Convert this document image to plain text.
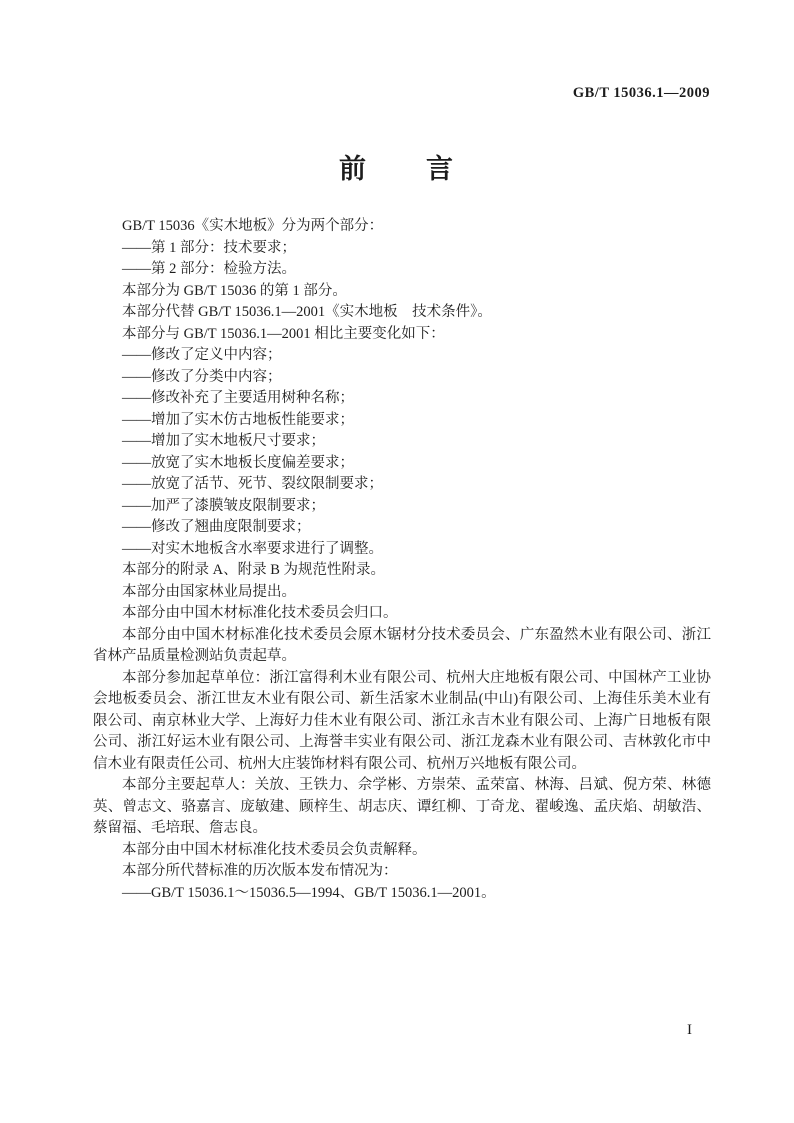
GB/T 15036.1—2009
前　　言

GB/T 15036《实木地板》分为两个部分：

——第 1 部分：技术要求；

——第 2 部分：检验方法。

本部分为 GB/T 15036 的第 1 部分。

本部分代替 GB/T 15036.1—2001《实木地板　技术条件》。

本部分与 GB/T 15036.1—2001 相比主要变化如下：

——修改了定义中内容；

——修改了分类中内容；

——修改补充了主要适用树种名称；

——增加了实木仿古地板性能要求；

——增加了实木地板尺寸要求；

——放宽了实木地板长度偏差要求；

——放宽了活节、死节、裂纹限制要求；

——加严了漆膜皱皮限制要求；

——修改了翘曲度限制要求；

——对实木地板含水率要求进行了调整。

本部分的附录 A、附录 B 为规范性附录。

本部分由国家林业局提出。

本部分由中国木材标准化技术委员会归口。

本部分由中国木材标准化技术委员会原木锯材分技术委员会、广东盈然木业有限公司、浙江省林产品质量检测站负责起草。

本部分参加起草单位：浙江富得利木业有限公司、杭州大庄地板有限公司、中国林产工业协会地板委员会、浙江世友木业有限公司、新生活家木业制品(中山)有限公司、上海佳乐美木业有限公司、南京林业大学、上海好力佳木业有限公司、浙江永吉木业有限公司、上海广日地板有限公司、浙江好运木业有限公司、上海誉丰实业有限公司、浙江龙森木业有限公司、吉林敦化市中信木业有限责任公司、杭州大庄装饰材料有限公司、杭州万兴地板有限公司。

本部分主要起草人：关放、王铁力、佘学彬、方崇荣、孟荣富、林海、吕斌、倪方荣、林德英、曾志文、骆嘉言、庞敏建、顾梓生、胡志庆、谭红柳、丁奇龙、翟峻逸、孟庆焰、胡敏浩、蔡留福、毛培珉、詹志良。

本部分由中国木材标准化技术委员会负责解释。

本部分所代替标准的历次版本发布情况为：

——GB/T 15036.1～15036.5—1994、GB/T 15036.1—2001。

I
